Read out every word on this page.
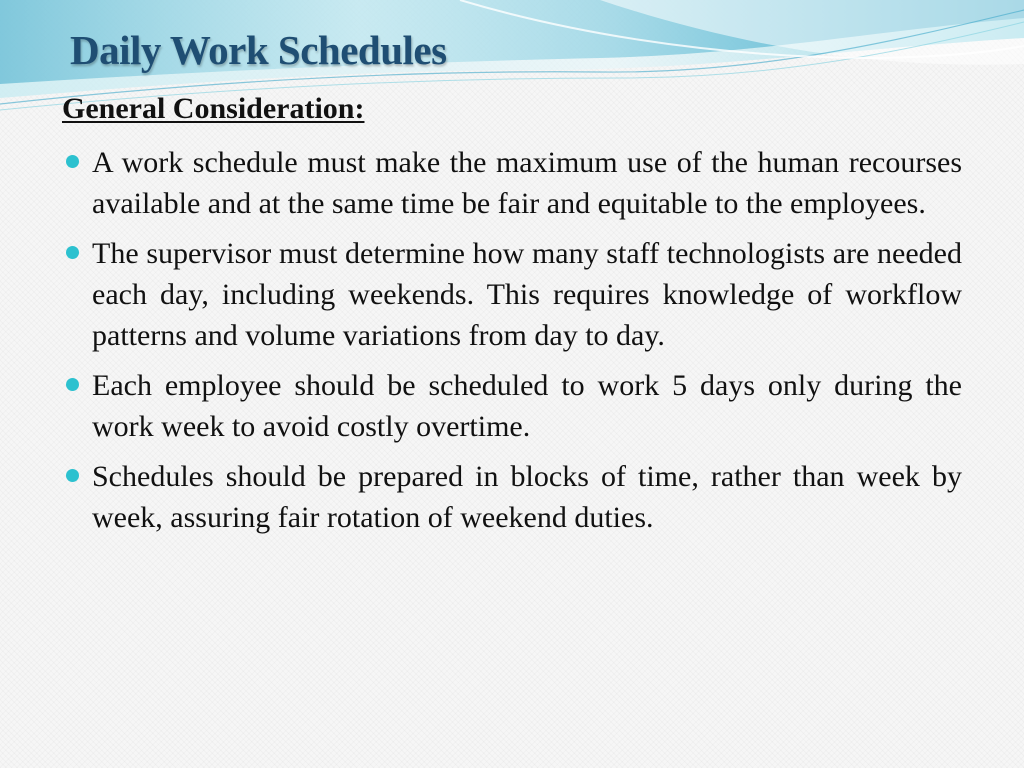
Daily Work Schedules
General Consideration:
A work schedule must make the maximum use of the human recourses available and at the same time be fair and equitable to the employees.
The supervisor must determine how many staff technologists are needed each day, including weekends. This requires knowledge of workflow patterns and volume variations from day to day.
Each employee should be scheduled to work 5 days only during the work week to avoid costly overtime.
Schedules should be prepared in blocks of time, rather than week by week, assuring fair rotation of weekend duties.
